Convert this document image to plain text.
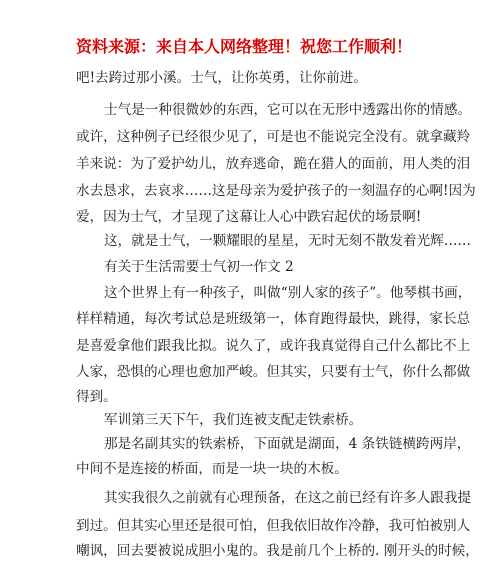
资料来源：来自本人网络整理！祝您工作顺利！
吧!去跨过那小溪。士气，让你英勇，让你前进。
士气是一种很微妙的东西，它可以在无形中透露出你的情感。
或许，这种例子已经很少见了，可是也不能说完全没有。就拿藏羚
羊来说：为了爱护幼儿，放弃逃命，跪在猎人的面前，用人类的泪
水去恳求，去哀求……这是母亲为爱护孩子的一刻温存的心啊!因为
爱，因为士气，才呈现了这幕让人心中跌宕起伏的场景啊!
这，就是士气，一颗耀眼的星星，无时无刻不散发着光辉……
有关于生活需要士气初一作文 2
这个世界上有一种孩子，叫做“别人家的孩子”。他琴棋书画，
样样精通，每次考试总是班级第一，体育跑得最快，跳得，家长总
是喜爱拿他们跟我比拟。说久了，或许我真觉得自己什么都比不上
人家，恐惧的心理也愈加严峻。但其实，只要有士气，你什么都做
得到。
军训第三天下午，我们连被支配走铁索桥。
那是名副其实的铁索桥，下面就是湖面，4 条铁链横跨两岸，
中间不是连接的桥面，而是一块一块的木板。
其实我很久之前就有心理预备，在这之前已经有许多人跟我提
到过。但其实心里还是很可怕，但我依旧故作冷静，我可怕被别人
嘲讽，回去要被说成胆小鬼的。我是前几个上桥的. 刚开头的时候，
